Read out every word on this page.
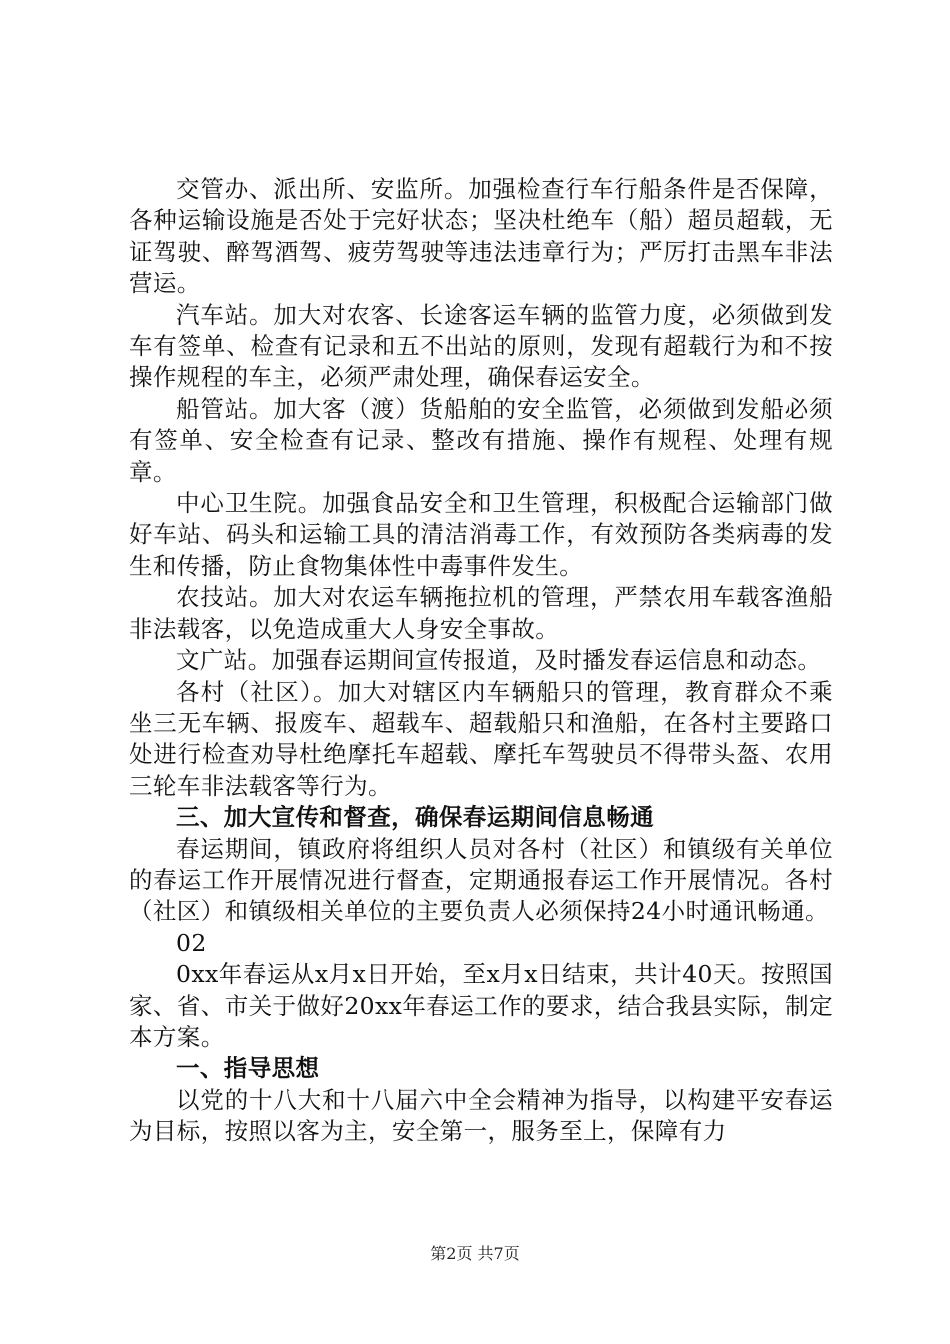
交管办、派出所、安监所。加强检查行车行船条件是否保障，各种运输设施是否处于完好状态；坚决杜绝车（船）超员超载，无证驾驶、醉驾酒驾、疲劳驾驶等违法违章行为；严厉打击黑车非法营运。

汽车站。加大对农客、长途客运车辆的监管力度，必须做到发车有签单、检查有记录和五不出站的原则，发现有超载行为和不按操作规程的车主，必须严肃处理，确保春运安全。

船管站。加大客（渡）货船舶的安全监管，必须做到发船必须有签单、安全检查有记录、整改有措施、操作有规程、处理有规章。

中心卫生院。加强食品安全和卫生管理，积极配合运输部门做好车站、码头和运输工具的清洁消毒工作，有效预防各类病毒的发生和传播，防止食物集体性中毒事件发生。

农技站。加大对农运车辆拖拉机的管理，严禁农用车载客渔船非法载客，以免造成重大人身安全事故。

文广站。加强春运期间宣传报道，及时播发春运信息和动态。

各村（社区）。加大对辖区内车辆船只的管理，教育群众不乘坐三无车辆、报废车、超载车、超载船只和渔船，在各村主要路口处进行检查劝导杜绝摩托车超载、摩托车驾驶员不得带头盔、农用三轮车非法载客等行为。

三、加大宣传和督查，确保春运期间信息畅通

春运期间，镇政府将组织人员对各村（社区）和镇级有关单位的春运工作开展情况进行督查，定期通报春运工作开展情况。各村（社区）和镇级相关单位的主要负责人必须保持24小时通讯畅通。

02

0xx年春运从x月x日开始，至x月x日结束，共计40天。按照国家、省、市关于做好20xx年春运工作的要求，结合我县实际，制定本方案。

一、指导思想

以党的十八大和十八届六中全会精神为指导，以构建平安春运为目标，按照以客为主，安全第一，服务至上，保障有力

第2页 共7页
